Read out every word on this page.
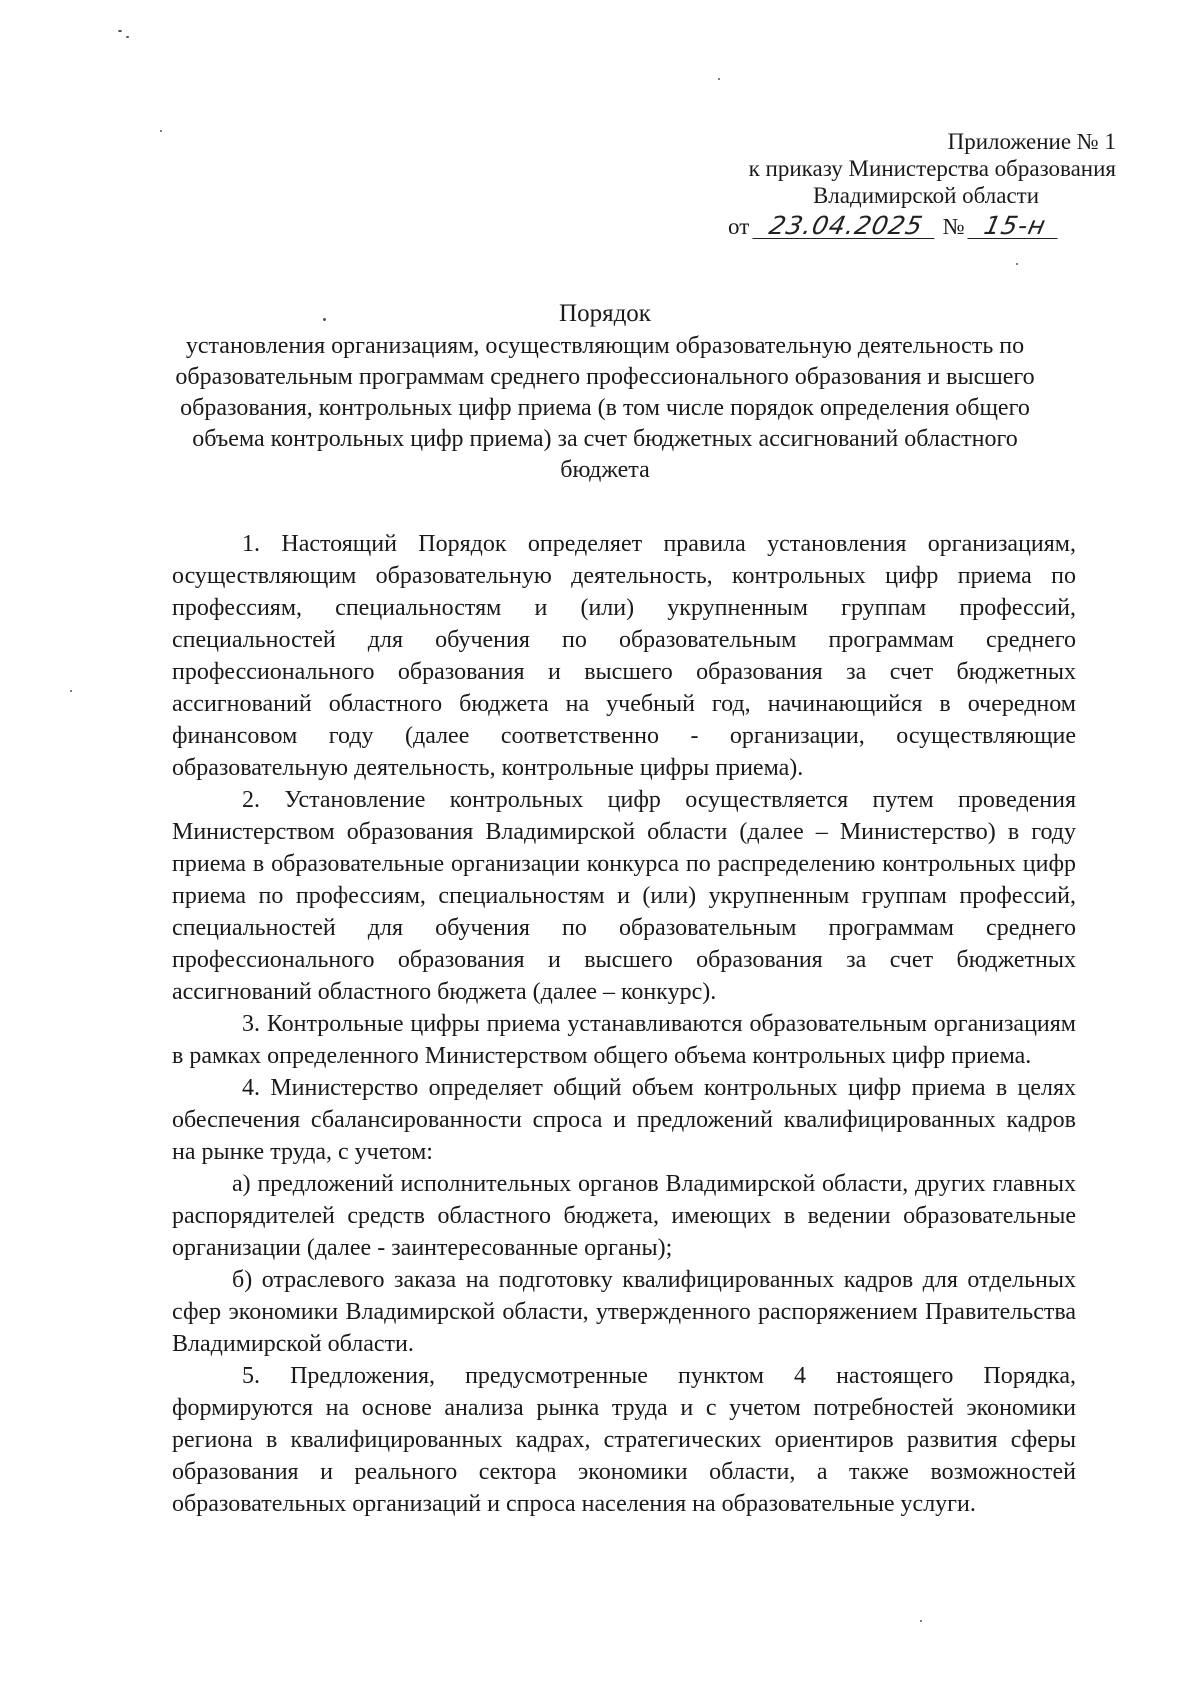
Приложение № 1
к приказу Министерства образования
Владимирской области
от 23.04.2025 № 15-н
Порядок
установления организациям, осуществляющим образовательную деятельность по образовательным программам среднего профессионального образования и высшего образования, контрольных цифр приема (в том числе порядок определения общего объема контрольных цифр приема) за счет бюджетных ассигнований областного бюджета

1. Настоящий Порядок определяет правила установления организациям, осуществляющим образовательную деятельность, контрольных цифр приема по профессиям, специальностям и (или) укрупненным группам профессий, специальностей для обучения по образовательным программам среднего профессионального образования и высшего образования за счет бюджетных ассигнований областного бюджета на учебный год, начинающийся в очередном финансовом году (далее соответственно - организации, осуществляющие образовательную деятельность, контрольные цифры приема).

2. Установление контрольных цифр осуществляется путем проведения Министерством образования Владимирской области (далее – Министерство) в году приема в образовательные организации конкурса по распределению контрольных цифр приема по профессиям, специальностям и (или) укрупненным группам профессий, специальностей для обучения по образовательным программам среднего профессионального образования и высшего образования за счет бюджетных ассигнований областного бюджета (далее – конкурс).

3. Контрольные цифры приема устанавливаются образовательным организациям в рамках определенного Министерством общего объема контрольных цифр приема.

4. Министерство определяет общий объем контрольных цифр приема в целях обеспечения сбалансированности спроса и предложений квалифицированных кадров на рынке труда, с учетом:

а) предложений исполнительных органов Владимирской области, других главных распорядителей средств областного бюджета, имеющих в ведении образовательные организации (далее - заинтересованные органы);

б) отраслевого заказа на подготовку квалифицированных кадров для отдельных сфер экономики Владимирской области, утвержденного распоряжением Правительства Владимирской области.

5. Предложения, предусмотренные пунктом 4 настоящего Порядка, формируются на основе анализа рынка труда и с учетом потребностей экономики региона в квалифицированных кадрах, стратегических ориентиров развития сферы образования и реального сектора экономики области, а также возможностей образовательных организаций и спроса населения на образовательные услуги.
